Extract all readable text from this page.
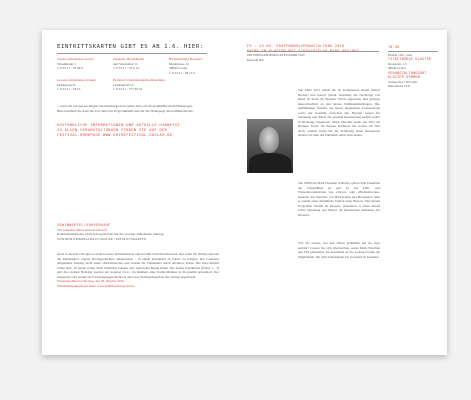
EINTRITTSKARTEN GIBT ES AB 1.6. HIER:
Tourist-Information Goslar
Schuhmarkt 1
t: 0 53 21 - 78 06 0
unzensur: Buchhändler
Am Vereinshof 12
t: 0 53 21 - 33 0 12
Buchhandlung Brockard
Marktgasse 12
38640 Goslar
t: 0 53 21 - 28 15 0
Gosaser Allgemeine Zeitung
Marktgasse 8
t: 0 53 21 - 333 0
Bernhard Unterhaltungsbuchhandlung
Lindenplatz 14
t: 0 53 21 - 777 49 32
... und oder bei den jeweiligen Veranstaltungsorten (siehe Infos zur Programmübersicht/Homepage).
Bitte beachten Sie dazu die evtl. Infos im Programmheft und auf der Homepage des Kriminfestivals.
AUSFÜHRLICHE INFORMATIONEN UND AKTUELLE HINWEISE
ZU ALLEN VERANSTALTUNGEN FINDEN SIE AUF DER
FESTIVAL-HOMEPAGE WWW.KRIMIFESTIVAL-GOSLAR.DE
GEWINNSPIEL/VORVERKAUF
Wir schenken Ihnen einen Kaufwert!
Kriminalmarkbonus 2016 in Kooperation mit der Gosaser Allgemeine Zeitung
UND DEM KRIMINALHAUS GOSLAR / EINTRITTSKARTEN
Auch in diesem Jahr gibt es beim Gosaser Kriminfestival einen Krimi-Schreibwettbewerb und somit für Hobby-Autoren die Möglichkeit, eigene Mordgeschichten einzureichen – in einem Kurzkrimi zu Papier zu bringen. Der Gosbauer Allgemeine Zeitung sucht einen »Mordsbericht« und wendet die Teilnehmer durch attraktive Preise. Die Kurz-Krimis sollen max. 10 Seiten sollen dabei möglichst lokalen oder regionalen Bezug haben. Die besten Kurzkrimis (Plätze 1 - 3) und drei weitere Beiträge werden am Sonntag 24.11. im Rahmen einer Krimi-Matinée in Programm präsentiert. Der Siegertext wird zudem als Fortsetzungsgeschichte in allen drei Zeitungsausgaben des Verlags abgedruckt.
Einsendeschluss ist Montag, den 20. Oktober 2016.
Teilnahmebedingungen unter: www.krimifestival-goslar.de
FR – 24.09. ERÖFFNUNGSVERANSTALTUNG 2016
KRIMI IM KLOSTER MIT SCHAUSPIELER MARK WASCHKE
MIT EINEM ABGEDRUCKTEN KRIMI VON
Klein & Rat
Seit März 2015 halten die 16 Kommissare Rubin (Meret Becker) und Karow (Mark Waschke) die Nachfolge von Ritter & Stark im Berliner Tatort angetreten und geleiten unterschiedlich zu den letzten Publikumslieblingen. Ihre einfühlenden Verhöre, die leisen, ungelenken Zwischentöne sowie der Konflikt zwischen den Figuren sorgen für Spannung und drückt die gesamte Inszenierung zudem weiter in Richtung Gegenwart. Mark Waschke spielt seit 2015 im Berliner Tatort. Im Kloster Kemmon bei Goslar, im Jahr 2016, erleben Gäste bei der Eröffnung einen besonderen Abend, bei dem das Publikum selbst entscheidet.
Seit 2008 lebt Mark Waschke in Berlin, gehört dem Ensemble der Schaubühne an und ist aus Film- und Fernsehproduktionen wie »Tatort« oder »Buddenbrooks« bekannt. Als Sprecher von Hörbüchern und Hörspielen stellt er zudem seine stimmliche Vielfalt unter Beweis. Mit seinem Programm »Krimi im Kloster« präsentiert er einen Abend voller Spannung und Humor im historischen Ambiente des Klosters.
Wie Sie wissen, wer den Tätern gefährlich auf die Spur kommt? Lassen Sie sich überraschen, wenn Mark Waschke den Fall präsentiert. Im Anschluss an die Lesung besteht die Möglichkeit, mit dem Schauspieler ins Gespräch zu kommen.
19.30
Eintritt 19 € / erm.
TICKETBÖRSE KLOSTER
Klosterstr. 1-5
38640 Goslar
VERANSTALTUNGSORT
KLOSTER KEMMON
Tickets Erw. 20 € erm.
Rabattkarte 16 €
